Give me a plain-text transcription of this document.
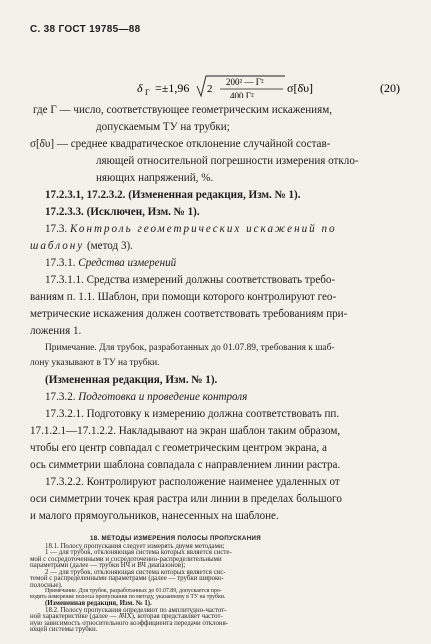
С. 38 ГОСТ 19785—88
δ Г =±1,96 2
200² — Г²
400 Г²
σ[δ̇υ]	(20)
где Г — число, соответствующее геометрическим искажениям,
допускаемым ТУ на трубки;
σ[δ̇υ] — среднее квадратическое отклонение случайной состав-
ляющей относительной погрешности измерения откло-
няющих напряжений, %.
17.2.3.1, 17.2.3.2. (Измененная редакция, Изм. № 1).
17.2.3.3. (Исключен, Изм. № 1).
17.3. Контроль геометрических искажений по
шаблону (метод 3).
17.3.1. Средства измерений
17.3.1.1. Средства измерений должны соответствовать требо-
ваниям п. 1.1. Шаблон, при помощи которого контролируют гео-
метрические искажения должен соответствовать требованиям при-
ложения 1.
Примечание. Для трубок, разработанных до 01.07.89, требования к шаб-
лону указывают в ТУ на трубки.
(Измененная редакция, Изм. № 1).
17.3.2. Подготовка и проведение контроля
17.3.2.1. Подготовку к измерению должна соответствовать пп.
17.1.2.1—17.1.2.2. Накладывают на экран шаблон таким образом,
чтобы его центр совпадал с геометрическим центром экрана, а
ось симметрии шаблона совпадала с направлением линии растра.
17.3.2.2. Контролируют расположение наименее удаленных от
оси симметрии точек края растра или линии в пределах большого
и малого прямоугольников, нанесенных на шаблоне.
18. МЕТОДЫ ИЗМЕРЕНИЯ ПОЛОСЫ ПРОПУСКАНИЯ
18.1. Полосу пропускания следует измерять двумя методами;
1 — для трубок, отклоняющая система которых является систе-
мой с сосредоточенными и сосредоточенно-распределительными
параметрами (далее — трубки НЧ и ВЧ диапазонов);
2 — для трубок, отклоняющая система которых является сис-
темой с распределенными параметрами (далее — трубки широко-
полосные).
Примечание. Для трубок, разработанных до 01.07.89, допускается про-
водить измерение полосы пропускания по методу, указанному в ТУ на трубки.
(Измененная редакция, Изм. № 1).
18.2. Полосу пропускания определяют по амплитудно-частот-
ной характеристике (далее — АЧХ), которая представляет частот-
ную зависимость относительного коэффициента передачи отклоня-
ющей системы трубки.
